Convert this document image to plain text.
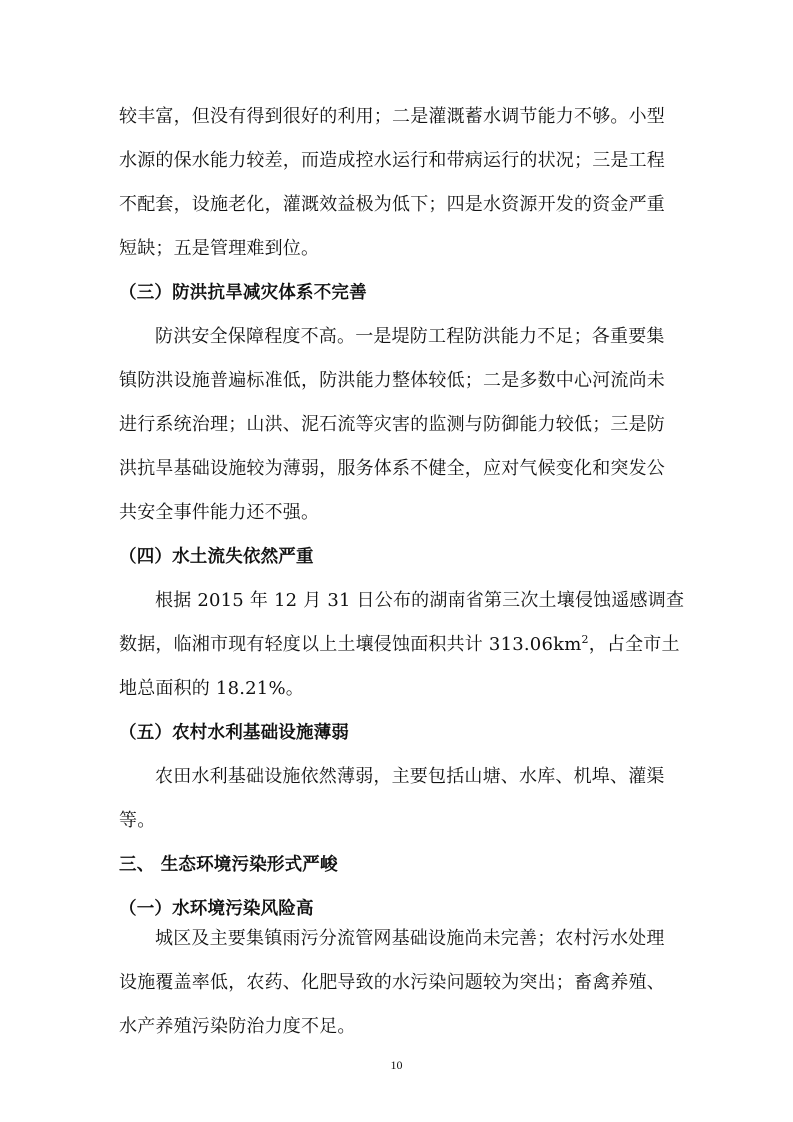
较丰富，但没有得到很好的利用；二是灌溉蓄水调节能力不够。小型
水源的保水能力较差，而造成控水运行和带病运行的状况；三是工程
不配套，设施老化，灌溉效益极为低下；四是水资源开发的资金严重
短缺；五是管理难到位。
（三）防洪抗旱减灾体系不完善
防洪安全保障程度不高。一是堤防工程防洪能力不足；各重要集
镇防洪设施普遍标准低，防洪能力整体较低；二是多数中心河流尚未
进行系统治理；山洪、泥石流等灾害的监测与防御能力较低；三是防
洪抗旱基础设施较为薄弱，服务体系不健全，应对气候变化和突发公
共安全事件能力还不强。
（四）水土流失依然严重
根据 2015 年 12 月 31 日公布的湖南省第三次土壤侵蚀遥感调查
数据，临湘市现有轻度以上土壤侵蚀面积共计 $313.06km^2$，占全市土
地总面积的 18.21%。
（五）农村水利基础设施薄弱
农田水利基础设施依然薄弱，主要包括山塘、水库、机埠、灌渠
等。
三、 生态环境污染形式严峻
（一）水环境污染风险高
城区及主要集镇雨污分流管网基础设施尚未完善；农村污水处理
设施覆盖率低，农药、化肥导致的水污染问题较为突出；畜禽养殖、
10
水产养殖污染防治力度不足。
